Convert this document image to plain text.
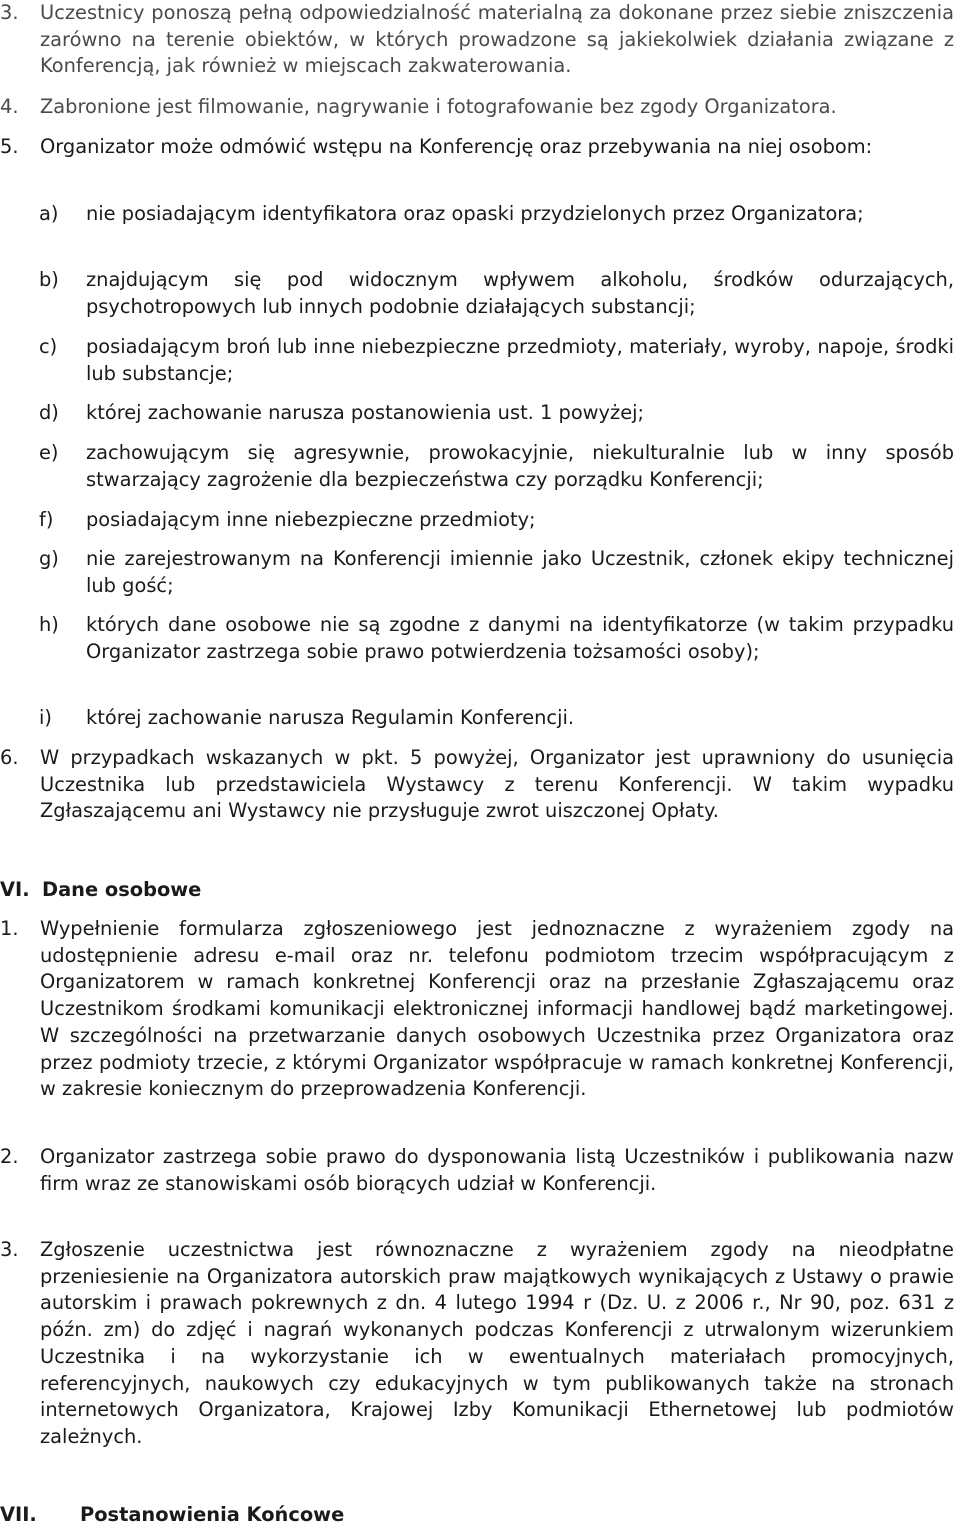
3. Uczestnicy ponoszą pełną odpowiedzialność materialną za dokonane przez siebie zniszczenia zarówno na terenie obiektów, w których prowadzone są jakiekolwiek działania związane z Konferencją, jak również w miejscach zakwaterowania.
4. Zabronione jest filmowanie, nagrywanie i fotografowanie bez zgody Organizatora.
5. Organizator może odmówić wstępu na Konferencję oraz przebywania na niej osobom:
a) nie posiadającym identyfikatora oraz opaski przydzielonych przez Organizatora;
b) znajdującym się pod widocznym wpływem alkoholu, środków odurzających, psychotropowych lub innych podobnie działających substancji;
c) posiadającym broń lub inne niebezpieczne przedmioty, materiały, wyroby, napoje, środki lub substancje;
d) której zachowanie narusza postanowienia ust. 1 powyżej;
e) zachowującym się agresywnie, prowokacyjnie, niekulturalnie lub w inny sposób stwarzający zagrożenie dla bezpieczeństwa czy porządku Konferencji;
f) posiadającym inne niebezpieczne przedmioty;
g) nie zarejestrowanym na Konferencji imiennie jako Uczestnik, członek ekipy technicznej lub gość;
h) których dane osobowe nie są zgodne z danymi na identyfikatorze (w takim przypadku Organizator zastrzega sobie prawo potwierdzenia tożsamości osoby);
i) której zachowanie narusza Regulamin Konferencji.
6. W przypadkach wskazanych w pkt. 5 powyżej, Organizator jest uprawniony do usunięcia Uczestnika lub przedstawiciela Wystawcy z terenu Konferencji. W takim wypadku Zgłaszającemu ani Wystawcy nie przysługuje zwrot uiszczonej Opłaty.
VI. Dane osobowe
1. Wypełnienie formularza zgłoszeniowego jest jednoznaczne z wyrażeniem zgody na udostępnienie adresu e-mail oraz nr. telefonu podmiotom trzecim współpracującym z Organizatorem w ramach konkretnej Konferencji oraz na przesłanie Zgłaszającemu oraz Uczestnikom środkami komunikacji elektronicznej informacji handlowej bądź marketingowej. W szczególności na przetwarzanie danych osobowych Uczestnika przez Organizatora oraz przez podmioty trzecie, z którymi Organizator współpracuje w ramach konkretnej Konferencji, w zakresie koniecznym do przeprowadzenia Konferencji.
2. Organizator zastrzega sobie prawo do dysponowania listą Uczestników i publikowania nazw firm wraz ze stanowiskami osób biorących udział w Konferencji.
3. Zgłoszenie uczestnictwa jest równoznaczne z wyrażeniem zgody na nieodpłatne przeniesienie na Organizatora autorskich praw majątkowych wynikających z Ustawy o prawie autorskim i prawach pokrewnych z dn. 4 lutego 1994 r (Dz. U. z 2006 r., Nr 90, poz. 631 z późn. zm) do zdjęć i nagrań wykonanych podczas Konferencji z utrwalonym wizerunkiem Uczestnika i na wykorzystanie ich w ewentualnych materiałach promocyjnych, referencyjnych, naukowych czy edukacyjnych w tym publikowanych także na stronach internetowych Organizatora, Krajowej Izby Komunikacji Ethernetowej lub podmiotów zależnych.
VII. Postanowienia Końcowe
